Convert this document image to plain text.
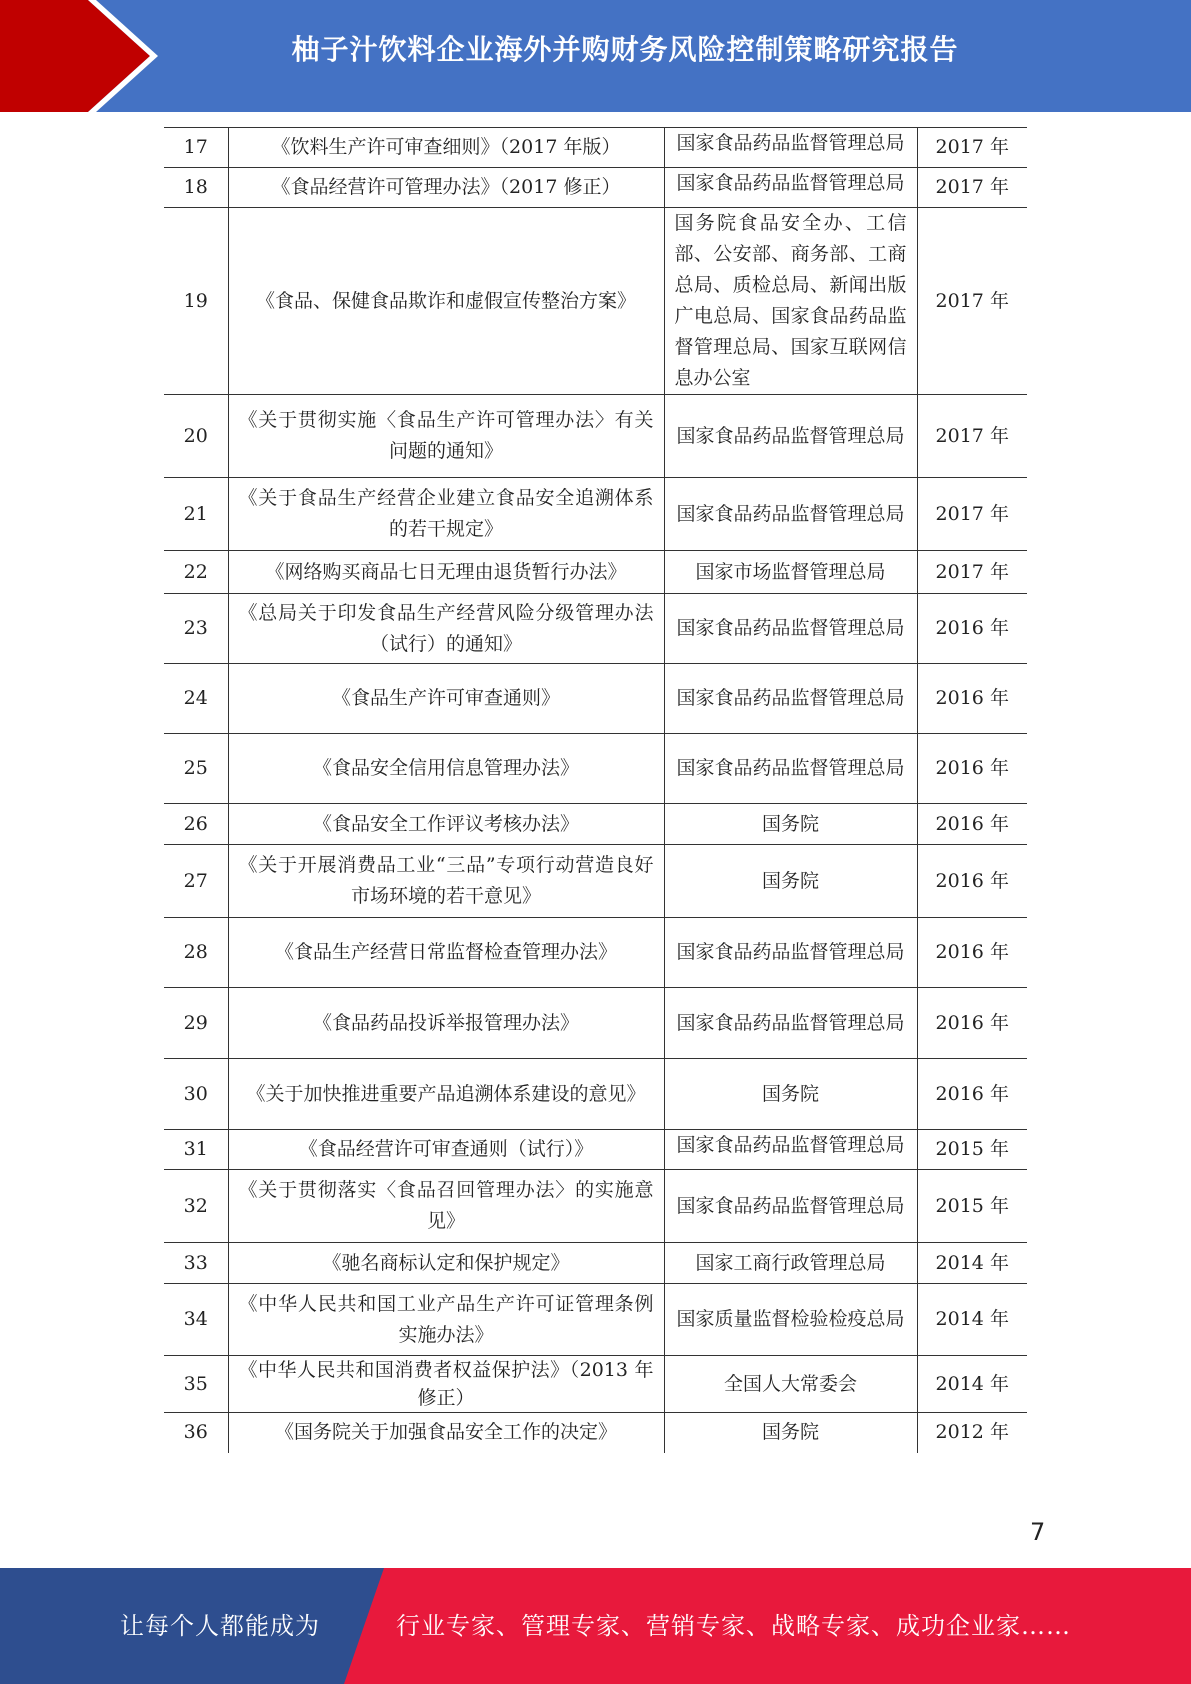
柚子汁饮料企业海外并购财务风险控制策略研究报告
17	《饮料生产许可审查细则》（2017 年版）	国家食品药品监督管理总局	2017 年
18	《食品经营许可管理办法》（2017 修正）	国家食品药品监督管理总局	2017 年
19	《食品、保健食品欺诈和虚假宣传整治方案》	国务院食品安全办、工信部、公安部、商务部、工商总局、质检总局、新闻出版广电总局、国家食品药品监督管理总局、国家互联网信息办公室	2017 年
20	《关于贯彻实施〈食品生产许可管理办法〉有关问题的通知》	国家食品药品监督管理总局	2017 年
21	《关于食品生产经营企业建立食品安全追溯体系的若干规定》	国家食品药品监督管理总局	2017 年
22	《网络购买商品七日无理由退货暂行办法》	国家市场监督管理总局	2017 年
23	《总局关于印发食品生产经营风险分级管理办法（试行）的通知》	国家食品药品监督管理总局	2016 年
24	《食品生产许可审查通则》	国家食品药品监督管理总局	2016 年
25	《食品安全信用信息管理办法》	国家食品药品监督管理总局	2016 年
26	《食品安全工作评议考核办法》	国务院	2016 年
27	《关于开展消费品工业“三品”专项行动营造良好市场环境的若干意见》	国务院	2016 年
28	《食品生产经营日常监督检查管理办法》	国家食品药品监督管理总局	2016 年
29	《食品药品投诉举报管理办法》	国家食品药品监督管理总局	2016 年
30	《关于加快推进重要产品追溯体系建设的意见》	国务院	2016 年
31	《食品经营许可审查通则（试行）》	国家食品药品监督管理总局	2015 年
32	《关于贯彻落实〈食品召回管理办法〉的实施意见》	国家食品药品监督管理总局	2015 年
33	《驰名商标认定和保护规定》	国家工商行政管理总局	2014 年
34	《中华人民共和国工业产品生产许可证管理条例实施办法》	国家质量监督检验检疫总局	2014 年
35	《中华人民共和国消费者权益保护法》（2013 年修正）	全国人大常委会	2014 年
36	《国务院关于加强食品安全工作的决定》	国务院	2012 年
7
让每个人都能成为	行业专家、管理专家、营销专家、战略专家、成功企业家……
